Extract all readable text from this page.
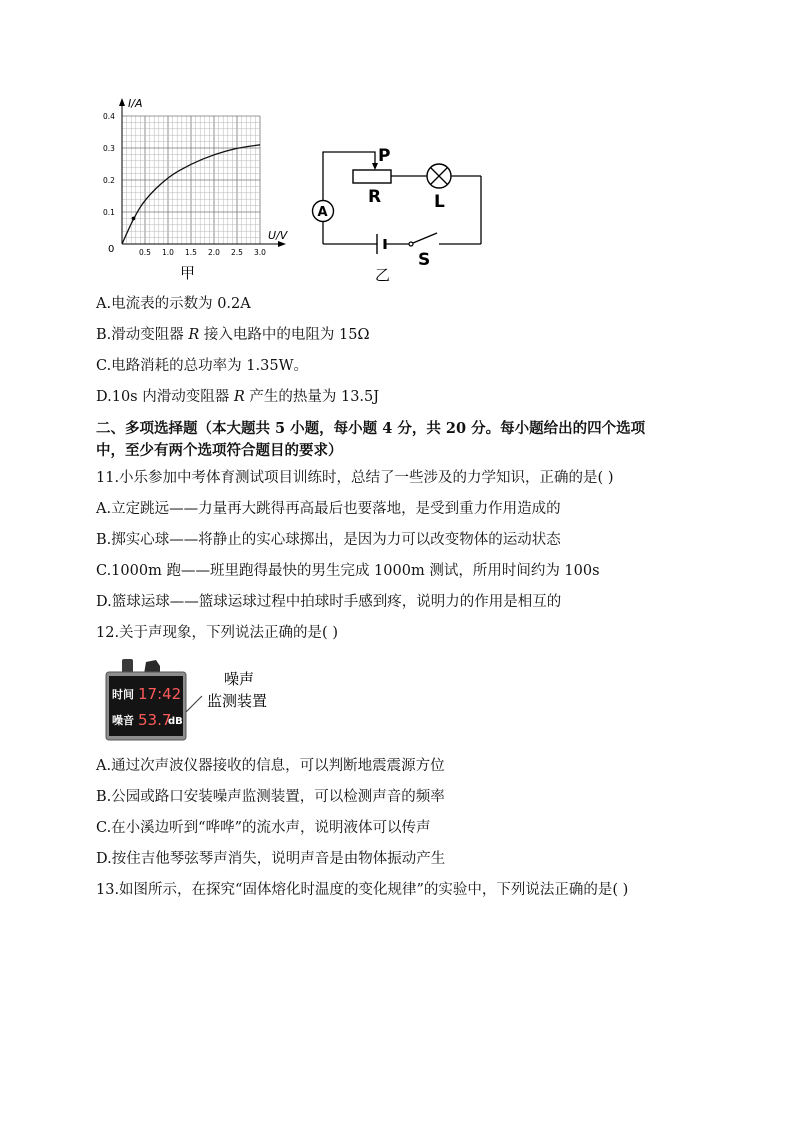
I/A
U/V
0
0.1
0.2
0.3
0.4
0.5 1.0 1.5 2.0 2.5 3.0
甲
P
R	L
A
S
乙
A.电流表的示数为 0.2A
B.滑动变阻器 R 接入电路中的电阻为 15Ω
C.电路消耗的总功率为 1.35W。
D.10s 内滑动变阻器 R 产生的热量为 13.5J
二、多项选择题（本大题共 5 小题，每小题 4 分，共 20 分。每小题给出的四个选项
中，至少有两个选项符合题目的要求）
11.小乐参加中考体育测试项目训练时，总结了一些涉及的力学知识，正确的是( )
A.立定跳远——力量再大跳得再高最后也要落地，是受到重力作用造成的
B.掷实心球——将静止的实心球掷出，是因为力可以改变物体的运动状态
C.1000m 跑——班里跑得最快的男生完成 1000m 测试，所用时间约为 100s
D.篮球运球——篮球运球过程中拍球时手感到疼，说明力的作用是相互的
12.关于声现象，下列说法正确的是( )
时间 17:42
噪音 53.7
dB
噪声
监测装置
A.通过次声波仪器接收的信息，可以判断地震震源方位
B.公园或路口安装噪声监测装置，可以检测声音的频率
C.在小溪边听到“哗哗”的流水声，说明液体可以传声
D.按住吉他琴弦琴声消失，说明声音是由物体振动产生
13.如图所示，在探究“固体熔化时温度的变化规律”的实验中，下列说法正确的是( )
